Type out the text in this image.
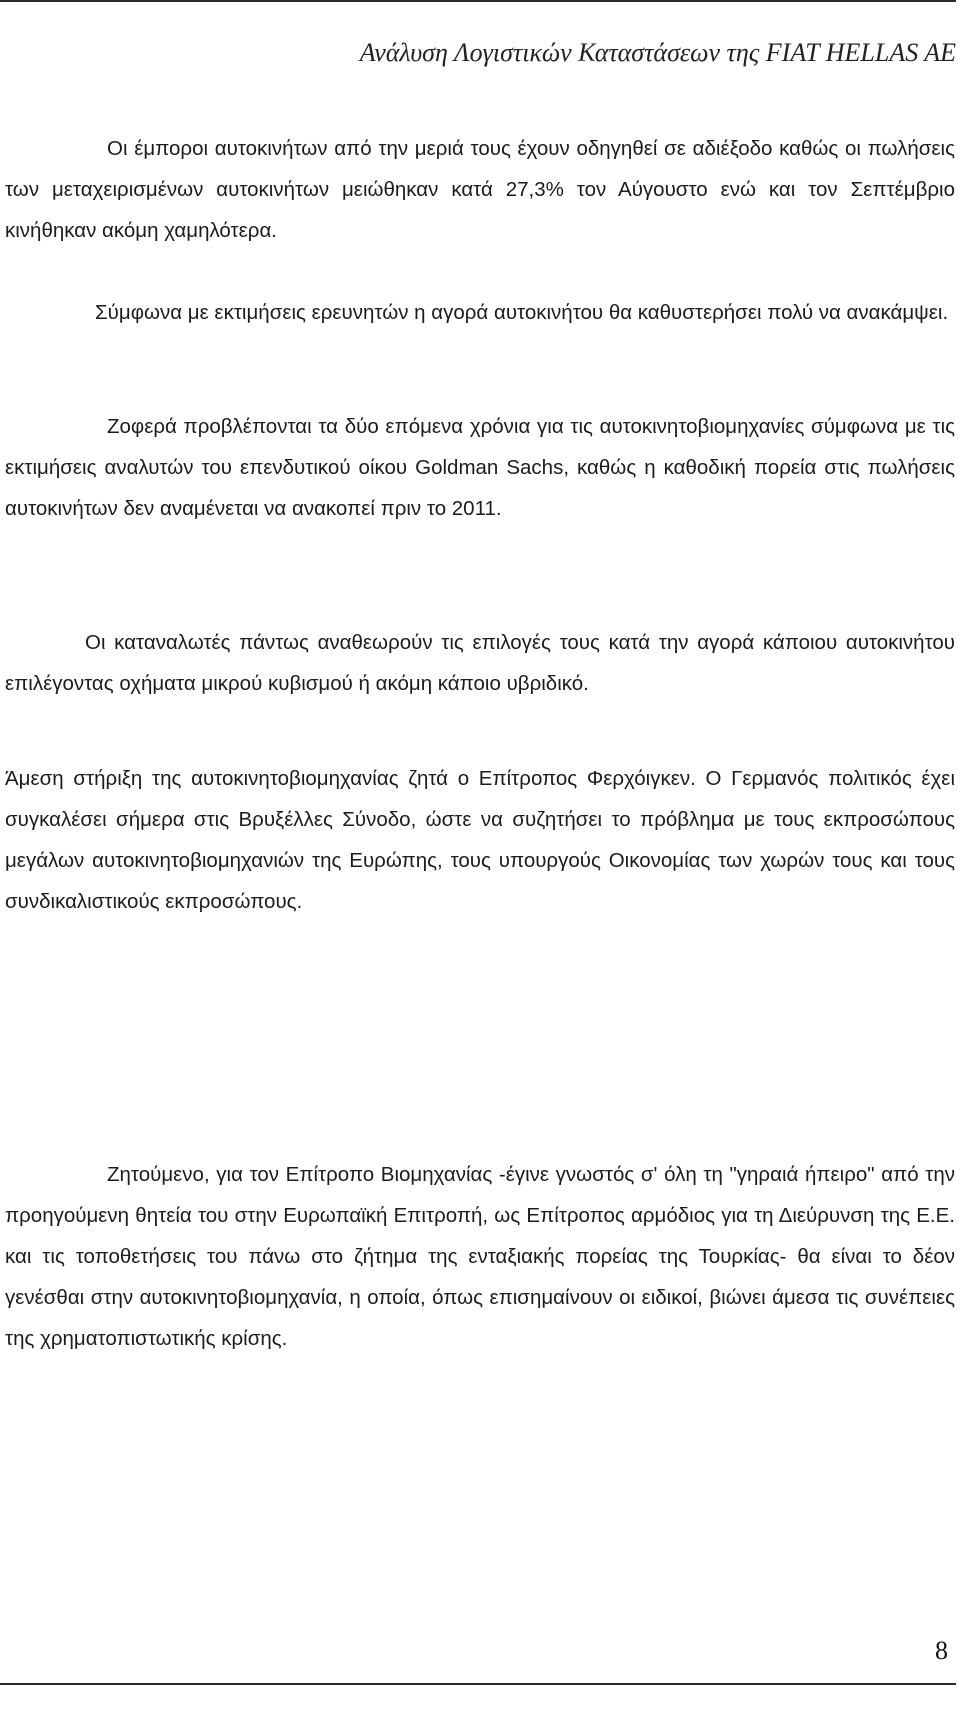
Ανάλυση Λογιστικών Καταστάσεων της FIAT HELLAS AE

Οι έμποροι αυτοκινήτων από την μεριά τους έχουν οδηγηθεί σε αδιέξοδο καθώς οι πωλήσεις των μεταχειρισμένων αυτοκινήτων μειώθηκαν κατά 27,3% τον Αύγουστο ενώ και τον Σεπτέμβριο κινήθηκαν ακόμη χαμηλότερα.

Σύμφωνα με εκτιμήσεις ερευνητών η αγορά αυτοκινήτου θα καθυστερήσει πολύ να ανακάμψει.

Ζοφερά προβλέπονται τα δύο επόμενα χρόνια για τις αυτοκινητοβιομηχανίες σύμφωνα με τις εκτιμήσεις αναλυτών του επενδυτικού οίκου Goldman Sachs, καθώς η καθοδική πορεία στις πωλήσεις αυτοκινήτων δεν αναμένεται να ανακοπεί πριν το 2011.

Οι καταναλωτές πάντως αναθεωρούν τις επιλογές τους κατά την αγορά κάποιου αυτοκινήτου επιλέγοντας οχήματα μικρού κυβισμού ή ακόμη κάποιο υβριδικό.

Άμεση στήριξη της αυτοκινητοβιομηχανίας ζητά ο Επίτροπος Φερχόιγκεν. Ο Γερμανός πολιτικός έχει συγκαλέσει σήμερα στις Βρυξέλλες Σύνοδο, ώστε να συζητήσει το πρόβλημα με τους εκπροσώπους μεγάλων αυτοκινητοβιομηχανιών της Ευρώπης, τους υπουργούς Οικονομίας των χωρών τους και τους συνδικαλιστικούς εκπροσώπους.

Ζητούμενο, για τον Επίτροπο Βιομηχανίας -έγινε γνωστός σ' όλη τη "γηραιά ήπειρο" από την προηγούμενη θητεία του στην Ευρωπαϊκή Επιτροπή, ως Επίτροπος αρμόδιος για τη Διεύρυνση της Ε.Ε. και τις τοποθετήσεις του πάνω στο ζήτημα της ενταξιακής πορείας της Τουρκίας- θα είναι το δέον γενέσθαι στην αυτοκινητοβιομηχανία, η οποία, όπως επισημαίνουν οι ειδικοί, βιώνει άμεσα τις συνέπειες της χρηματοπιστωτικής κρίσης.

8
